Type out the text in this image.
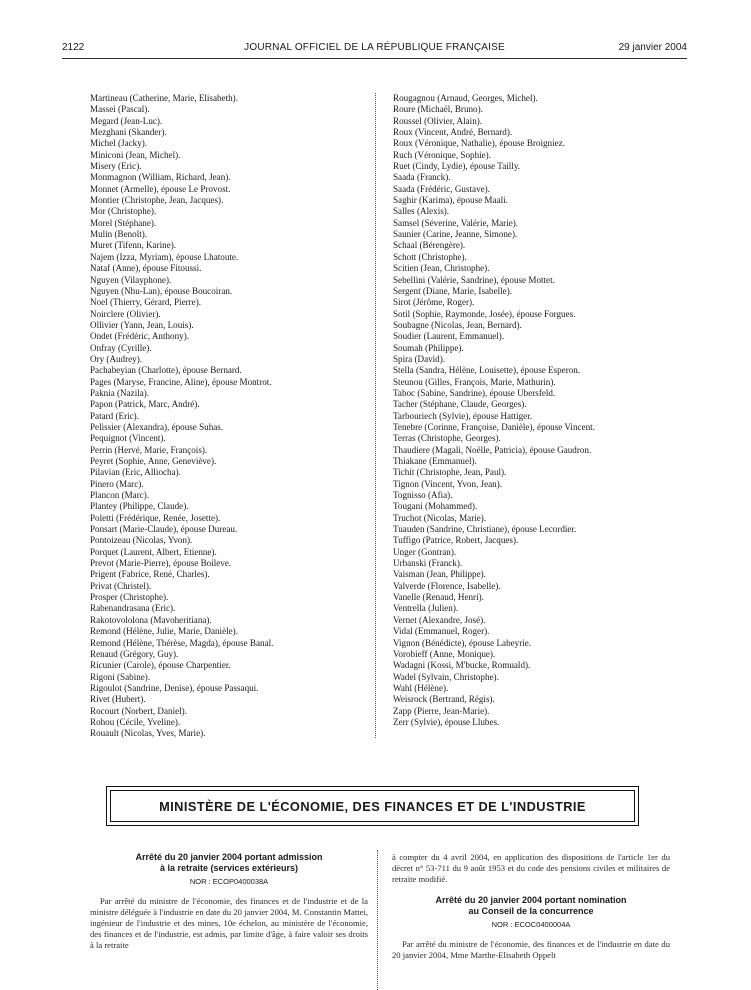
2122	JOURNAL OFFICIEL DE LA RÉPUBLIQUE FRANÇAISE	29 janvier 2004
Martineau (Catherine, Marie, Elisabeth).
Massei (Pascal).
Megard (Jean-Luc).
Mezghani (Skander).
Michel (Jacky).
Miniconi (Jean, Michel).
Misery (Eric).
Monmagnon (William, Richard, Jean).
Monnet (Armelle), épouse Le Provost.
Montier (Christophe, Jean, Jacques).
Mor (Christophe).
Morel (Stéphane).
Mulin (Benoît).
Muret (Tifenn, Karine).
Najem (Izza, Myriam), épouse Lhatoute.
Nataf (Anne), épouse Fitoussi.
Nguyen (Vilayphone).
Nguyen (Nhu-Lan), épouse Boucoiran.
Noel (Thierry, Gérard, Pierre).
Noirclere (Olivier).
Ollivier (Yann, Jean, Louis).
Ondet (Frédéric, Anthony).
Onfray (Cyrille).
Ory (Audrey).
Pachabeyian (Charlotte), épouse Bernard.
Pages (Maryse, Francine, Aline), épouse Montrot.
Paknia (Nazila).
Papon (Patrick, Marc, André).
Patard (Eric).
Pelissier (Alexandra), épouse Suhas.
Pequignot (Vincent).
Perrin (Hervé, Marie, François).
Peyret (Sophie, Anne, Geneviève).
Pilavian (Eric, Alliocha).
Pinero (Marc).
Plancon (Marc).
Plantey (Philippe, Claude).
Poletti (Frédérique, Renée, Josette).
Ponsart (Marie-Claude), épouse Dureau.
Pontoizeau (Nicolas, Yvon).
Porquet (Laurent, Albert, Etienne).
Prevot (Marie-Pierre), épouse Boileve.
Prigent (Fabrice, René, Charles).
Privat (Christel).
Prosper (Christophe).
Rabenandrasana (Eric).
Rakotovololona (Mavoheritiana).
Remond (Hélène, Julie, Marie, Danièle).
Remond (Hélène, Thérèse, Magda), épouse Banal.
Renaud (Grégory, Guy).
Ricunier (Carole), épouse Charpentier.
Rigoni (Sabine).
Rigoulot (Sandrine, Denise), épouse Passaqui.
Rivet (Hubert).
Rocourt (Norbert, Daniel).
Rohou (Cécile, Yveline).
Rouault (Nicolas, Yves, Marie).
Rougagnou (Arnaud, Georges, Michel).
Roure (Michaël, Bruno).
Roussel (Olivier, Alain).
Roux (Vincent, André, Bernard).
Roux (Véronique, Nathalie), épouse Broigniez.
Ruch (Véronique, Sophie).
Ruet (Cindy, Lydie), épouse Tailly.
Saada (Franck).
Saada (Frédéric, Gustave).
Saghir (Karima), épouse Maali.
Salles (Alexis).
Samsel (Séverine, Valérie, Marie).
Saunier (Carine, Jeanne, Simone).
Schaal (Bérengère).
Schott (Christophe).
Scitien (Jean, Christophe).
Sebellini (Valérie, Sandrine), épouse Mottet.
Sergent (Diane, Marie, Isabelle).
Sirot (Jérôme, Roger).
Sotil (Sophie, Raymonde, Josée), épouse Forgues.
Soubagne (Nicolas, Jean, Bernard).
Soudier (Laurent, Emmanuel).
Soumah (Philippe).
Spira (David).
Stella (Sandra, Hélène, Louisette), épouse Esperon.
Steunou (Gilles, François, Marie, Mathurin).
Taboc (Sabine, Sandrine), épouse Ubersfeld.
Tacher (Stéphane, Claude, Georges).
Tarbouriech (Sylvie), épouse Hattiger.
Tenebre (Corinne, Françoise, Danièle), épouse Vincent.
Terras (Christophe, Georges).
Thaudiere (Magali, Noëlle, Patricia), épouse Gaudron.
Thiakane (Emmanuel).
Tichit (Christophe, Jean, Paul).
Tignon (Vincent, Yvon, Jean).
Tognisso (Afia).
Tougani (Mohammed).
Truchot (Nicolas, Marie).
Tuauden (Sandrine, Christiane), épouse Lecordier.
Tuffigo (Patrice, Robert, Jacques).
Unger (Gontran).
Urbanski (Franck).
Vaisman (Jean, Philippe).
Valverde (Florence, Isabelle).
Vanelle (Renaud, Henri).
Ventrella (Julien).
Vernet (Alexandre, José).
Vidal (Emmanuel, Roger).
Vignon (Bénédicte), épouse Labeyrie.
Vorobieff (Anne, Monique).
Wadagni (Kossi, M'bucke, Romuald).
Wadel (Sylvain, Christophe).
Wahl (Hélène).
Weisrock (Bertrand, Régis).
Zapp (Pierre, Jean-Marie).
Zerr (Sylvie), épouse Llubes.
MINISTÈRE DE L'ÉCONOMIE, DES FINANCES ET DE L'INDUSTRIE
Arrêté du 20 janvier 2004 portant admission
à la retraite (services extérieurs)
NOR : ECOP0400038A

Par arrêté du ministre de l'économie, des finances et de l'industrie et de la ministre déléguée à l'industrie en date du 20 janvier 2004, M. Constantin Mattei, ingénieur de l'industrie et des mines, 10e échelon, au ministère de l'économie, des finances et de l'industrie, est admis, par limite d'âge, à faire valoir ses droits à la retraite

à compter du 4 avril 2004, en application des dispositions de l'article 1er du décret n° 53-711 du 9 août 1953 et du code des pensions civiles et militaires de retraite modifié.

Arrêté du 20 janvier 2004 portant nomination
au Conseil de la concurrence
NOR : ECOC0400004A

Par arrêté du ministre de l'économie, des finances et de l'industrie en date du 20 janvier 2004, Mme Marthe-Elisabeth Oppelt
